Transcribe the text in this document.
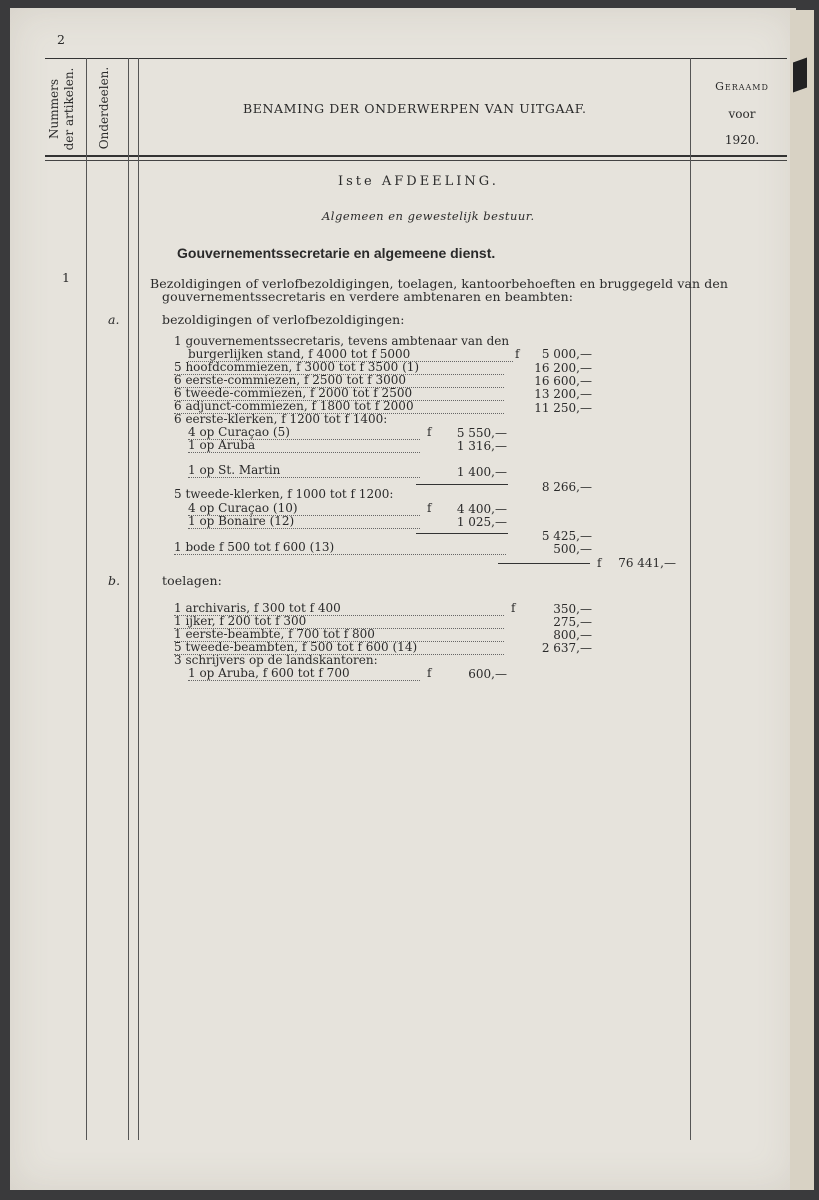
2
Nummers der artikelen. Onderdeelen.	BENAMING DER ONDERWERPEN VAN UITGAAF.
Geraamd
voor
1920.
Iste AFDEELING.
Algemeen en gewestelijk bestuur.
Gouvernementssecretarie en algemeene dienst.
1	Bezoldigingen of verlofbezoldigingen, toelagen, kantoorbehoeften en bruggegeld van den
gouvernementssecretaris en verdere ambtenaren en beambten:
a.	bezoldigingen of verlofbezoldigingen:
1 gouvernementssecretaris, tevens ambtenaar van den
burgerlijken stand, f 4000 tot f 5000	f	5 000,—
5 hoofdcommiezen, f 3000 tot f 3500 (1)	16 200,—
6 eerste-commiezen, f 2500 tot f 3000	16 600,—
6 tweede-commiezen, f 2000 tot f 2500	13 200,—
6 adjunct-commiezen, f 1800 tot f 2000	11 250,—
6 eerste-klerken, f 1200 tot f 1400:
4 op Curaçao (5)	f	5 550,—
1 op Aruba	1 316,—
1 op St. Martin	1 400,—
8 266,—
5 tweede-klerken, f 1000 tot f 1200:
4 op Curaçao (10)	f	4 400,—
1 op Bonaire (12)	1 025,—
5 425,—
1 bode f 500 tot f 600 (13)	500,—
f	76 441,—
b.	toelagen:
1 archivaris, f 300 tot f 400	f	350,—
1 ijker, f 200 tot f 300	275,—
1 eerste-beambte, f 700 tot f 800	800,—
5 tweede-beambten, f 500 tot f 600 (14)	2 637,—
3 schrijvers op de landskantoren:
1 op Aruba, f 600 tot f 700	f	600,—
